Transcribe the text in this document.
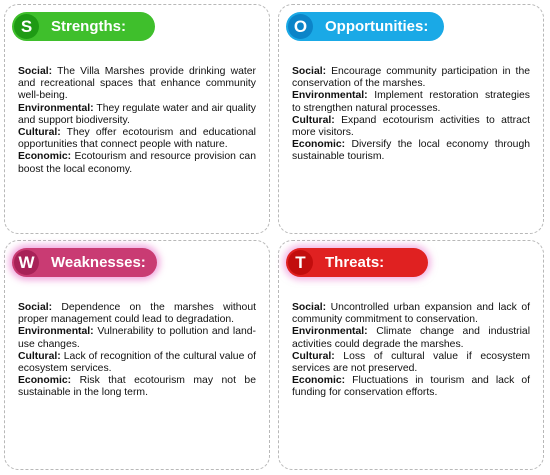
S	Strengths:

Social: The Villa Marshes provide drinking water and recreational spaces that enhance community well-being.

Environmental: They regulate water and air quality and support biodiversity.

Cultural: They offer ecotourism and educational opportunities that connect people with nature.

Economic: Ecotourism and resource provision can boost the local economy.

O	Opportunities:

Social: Encourage community participation in the conservation of the marshes.

Environmental: Implement restoration strategies to strengthen natural processes.

Cultural: Expand ecotourism activities to attract more visitors.

Economic: Diversify the local economy through sustainable tourism.

W Weaknesses:

Social: Dependence on the marshes without proper management could lead to degradation.

Environmental: Vulnerability to pollution and land-use changes.

Cultural: Lack of recognition of the cultural value of ecosystem services.

Economic: Risk that ecotourism may not be sustainable in the long term.

T	Threats:

Social: Uncontrolled urban expansion and lack of community commitment to conservation.

Environmental: Climate change and industrial activities could degrade the marshes.

Cultural: Loss of cultural value if ecosystem services are not preserved.

Economic: Fluctuations in tourism and lack of funding for conservation efforts.
